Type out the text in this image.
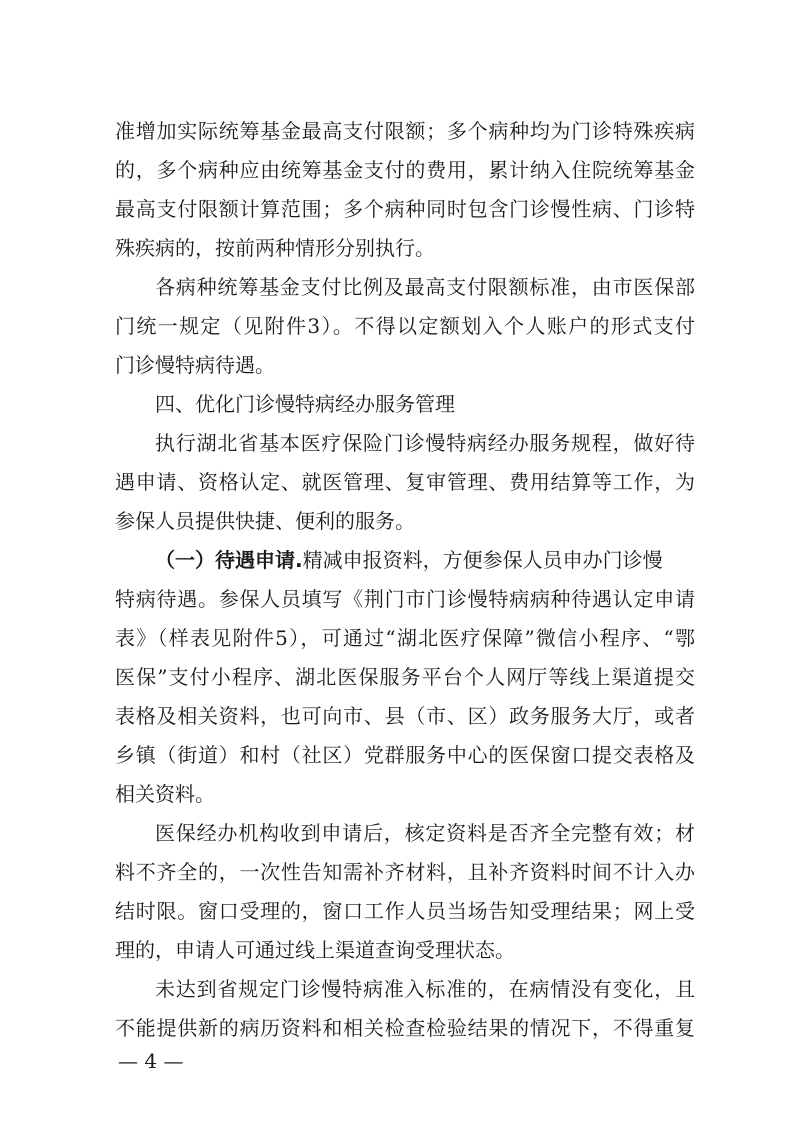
准增加实际统筹基金最高支付限额；多个病种均为门诊特殊疾病
的，多个病种应由统筹基金支付的费用，累计纳入住院统筹基金
最高支付限额计算范围；多个病种同时包含门诊慢性病、门诊特
殊疾病的，按前两种情形分别执行。
各病种统筹基金支付比例及最高支付限额标准，由市医保部
门统一规定（见附件3）。不得以定额划入个人账户的形式支付
门诊慢特病待遇。
四、优化门诊慢特病经办服务管理
执行湖北省基本医疗保险门诊慢特病经办服务规程，做好待
遇申请、资格认定、就医管理、复审管理、费用结算等工作，为
参保人员提供快捷、便利的服务。
（一）待遇申请.精减申报资料，方便参保人员申办门诊慢
特病待遇。参保人员填写《荆门市门诊慢特病病种待遇认定申请
表》（样表见附件5），可通过“湖北医疗保障”微信小程序、“鄂
医保”支付小程序、湖北医保服务平台个人网厅等线上渠道提交
表格及相关资料，也可向市、县（市、区）政务服务大厅，或者
乡镇（街道）和村（社区）党群服务中心的医保窗口提交表格及
相关资料。
医保经办机构收到申请后，核定资料是否齐全完整有效；材
料不齐全的，一次性告知需补齐材料，且补齐资料时间不计入办
结时限。窗口受理的，窗口工作人员当场告知受理结果；网上受
理的，申请人可通过线上渠道查询受理状态。
未达到省规定门诊慢特病准入标准的，在病情没有变化，且
不能提供新的病历资料和相关检查检验结果的情况下，不得重复
— 4 —
